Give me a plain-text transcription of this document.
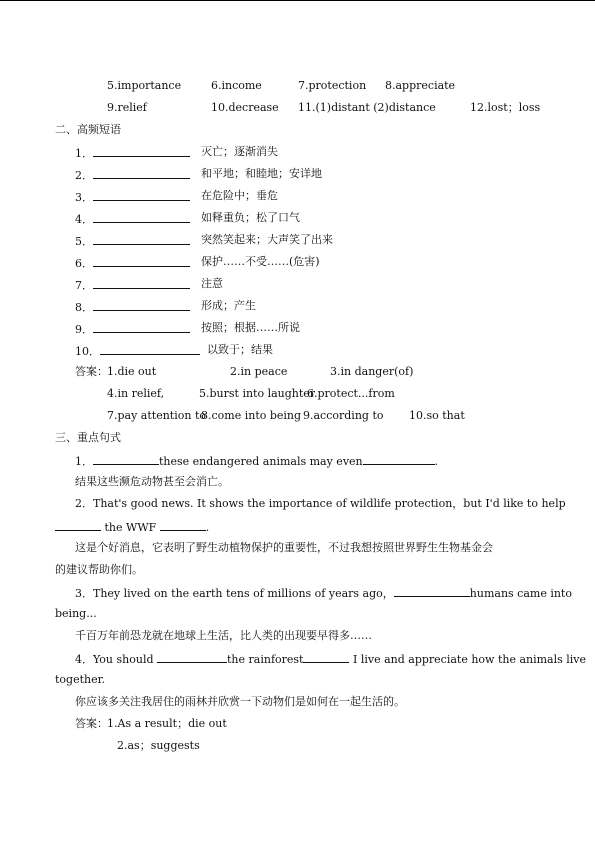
5.importance	6.income	7.protection 8.appreciate
9.relief	10.decrease 11.(1)distant (2)distance	12.lost；loss
二、高频短语
1．	灭亡；逐渐消失
2．	和平地；和睦地；安详地
3．	在危险中；垂危
4．	如释重负；松了口气
5．	突然笑起来；大声笑了出来
6．	保护……不受……(危害)
7．	注意
8．	形成；产生
9．	按照；根据……所说
10．	以致于；结果
答案： 1.die out	2.in peace	3.in danger(of)
4.in relief,	5.burst into laughter
6.protect...from
7.pay attention to
8.come into being 9.according to 10.so that
三、重点句式
1．	these endangered animals may even	.
结果这些濒危动物甚至会消亡。
2．That's good news. It shows the importance of wildlife protection，but I'd like to help
the WWF	.
这是个好消息，它表明了野生动植物保护的重要性，不过我想按照世界野生生物基金会
的建议帮助你们。
3．They lived on the earth tens of millions of years ago，	humans came into
being...
千百万年前恐龙就在地球上生活，比人类的出现要早得多……
4．You should	the rainforest	I live and appreciate how the animals live
together.
你应该多关注我居住的雨林并欣赏一下动物们是如何在一起生活的。
答案： 1.As a result；die out
2.as；suggests
